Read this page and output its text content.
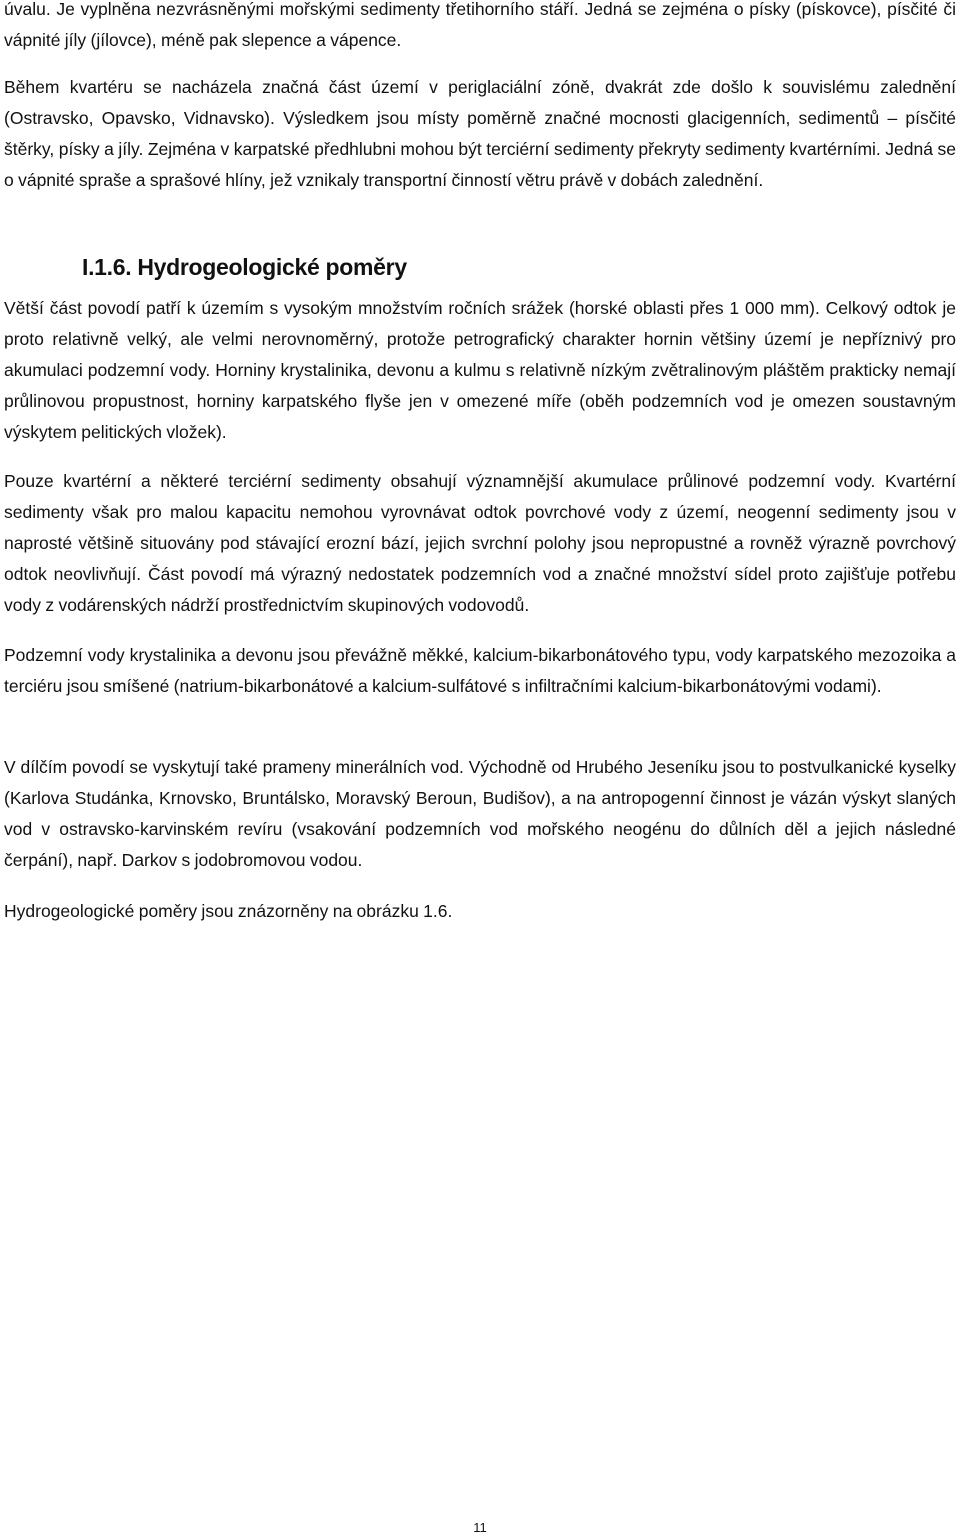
úvalu. Je vyplněna nezvrásněnými mořskými sedimenty třetihorního stáří. Jedná se zejména o písky (pískovce), písčité či vápnité jíly (jílovce), méně pak slepence a vápence.
Během kvartéru se nacházela značná část území v periglaciální zóně, dvakrát zde došlo k souvislému zalednění (Ostravsko, Opavsko, Vidnavsko). Výsledkem jsou místy poměrně značné mocnosti glacigenních, sedimentů – písčité štěrky, písky a jíly. Zejména v karpatské předhlubni mohou být terciérní sedimenty překryty sedimenty kvartérními. Jedná se o vápnité spraše a sprašové hlíny, jež vznikaly transportní činností větru právě v dobách zalednění.
I.1.6. Hydrogeologické poměry
Větší část povodí patří k územím s vysokým množstvím ročních srážek (horské oblasti přes 1 000 mm). Celkový odtok je proto relativně velký, ale velmi nerovnoměrný, protože petrografický charakter hornin většiny území je nepříznivý pro akumulaci podzemní vody. Horniny krystalinika, devonu a kulmu s relativně nízkým zvětralinovým pláštěm prakticky nemají průlinovou propustnost, horniny karpatského flyše jen v omezené míře (oběh podzemních vod je omezen soustavným výskytem pelitických vložek).
Pouze kvartérní a některé terciérní sedimenty obsahují významnější akumulace průlinové podzemní vody. Kvartérní sedimenty však pro malou kapacitu nemohou vyrovnávat odtok povrchové vody z území, neogenní sedimenty jsou v naprosté většině situovány pod stávající erozní bází, jejich svrchní polohy jsou nepropustné a rovněž výrazně povrchový odtok neovlivňují. Část povodí má výrazný nedostatek podzemních vod a značné množství sídel proto zajišťuje potřebu vody z vodárenských nádrží prostřednictvím skupinových vodovodů.
Podzemní vody krystalinika a devonu jsou převážně měkké, kalcium-bikarbonátového typu, vody karpatského mezozoika a terciéru jsou smíšené (natrium-bikarbonátové a kalcium-sulfátové s infiltračními kalcium-bikarbonátovými vodami).
V dílčím povodí se vyskytují také prameny minerálních vod. Východně od Hrubého Jeseníku jsou to postvulkanické kyselky (Karlova Studánka, Krnovsko, Bruntálsko, Moravský Beroun, Budišov), a na antropogenní činnost je vázán výskyt slaných vod v ostravsko-karvinském revíru (vsakování podzemních vod mořského neogénu do důlních děl a jejich následné čerpání), např. Darkov s jodobromovou vodou.
Hydrogeologické poměry jsou znázorněny na obrázku 1.6.
11
